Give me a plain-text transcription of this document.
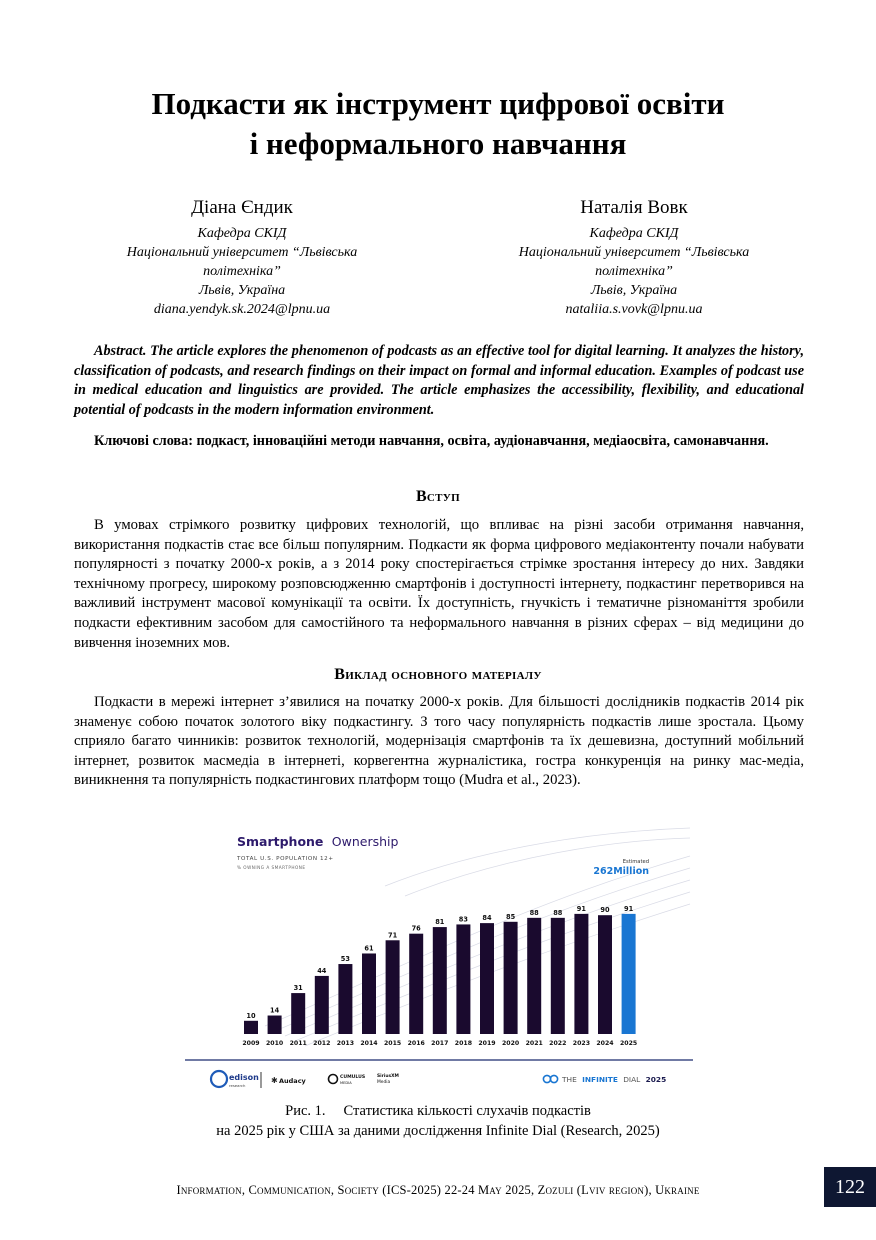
Подкасти як інструмент цифрової освіти
і неформального навчання
Діана Єндик
Кафедра СКІД
Національний університет “Львівська
політехніка”
Львів, Україна
diana.yendyk.sk.2024@lpnu.ua
Наталія Вовк
Кафедра СКІД
Національний університет “Львівська
політехніка”
Львів, Україна
nataliia.s.vovk@lpnu.ua
Abstract. The article explores the phenomenon of podcasts as an effective tool for digital learning. It analyzes the history, classification of podcasts, and research findings on their impact on formal and informal education. Examples of podcast use in medical education and linguistics are provided. The article emphasizes the accessibility, flexibility, and educational potential of podcasts in the modern information environment.
Ключові слова: подкаст, інноваційні методи навчання, освіта, аудіонавчання, медіаосвіта, самонавчання.
Вступ
В умовах стрімкого розвитку цифрових технологій, що впливає на різні засоби отримання навчання, використання подкастів стає все більш популярним. Подкасти як форма цифрового медіаконтенту почали набувати популярності з початку 2000-х років, а з 2014 року спостерігається стрімке зростання інтересу до них. Завдяки технічному прогресу, широкому розповсюдженню смартфонів і доступності інтернету, подкастинг перетворився на важливий інструмент масової комунікації та освіти. Їх доступність, гнучкість і тематичне різноманіття зробили подкасти ефективним засобом для самостійного та неформального навчання в різних сферах – від медицини до вивчення іноземних мов.
Виклад основного матеріалу
Подкасти в мережі інтернет з’явилися на початку 2000-х років. Для більшості дослідників подкастів 2014 рік знаменує собою початок золотого віку подкастингу. З того часу популярність подкастів лише зростала. Цьому сприяло багато чинників: розвиток технологій, модернізація смартфонів та їх дешевизна, доступний мобільний інтернет, розвиток масмедіа в інтернеті, корвегентна журналістика, гостра конкуренція на ринку мас-медіа, виникнення та популярність подкастингових платформ тощо (Mudra et al., 2023).
Smartphone Ownership
TOTAL U.S. POPULATION 12+
% OWNING A SMARTPHONE
Estimated
262Million
10
2009
14
2010
31
2011
44
2012
53
2013
61
2014
71
2015
76
2016
81
2017
83
2018
84
2019
85
2020
88
2021
88
2022
91
2023
90
2024
91
2025
edison
research
✱ Audacy	CUMULUS
MEDIA
SiriusXM
Media	THE INFINITE DIAL 2025
Рис. 1. Статистика кількості слухачів подкастів
на 2025 рік у США за даними дослідження Infinite Dial (Research, 2025)
Information, Communication, Society (ICS-2025) 22-24 May 2025, Zozuli (Lviv region), Ukraine	122
